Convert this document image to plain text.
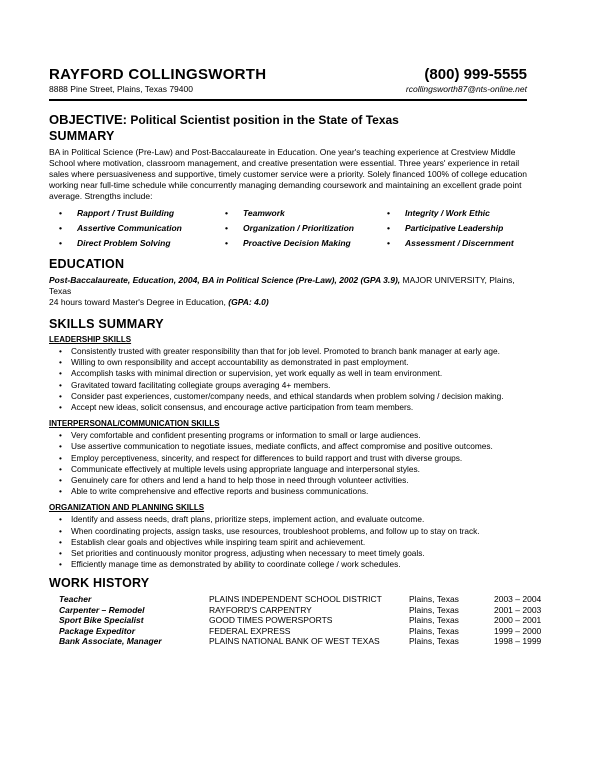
RAYFORD COLLINGSWORTH	(800) 999-5555
8888 Pine Street, Plains, Texas 79400	rcollingsworth87@nts-online.net
OBJECTIVE: Political Scientist position in the State of Texas
SUMMARY
BA in Political Science (Pre-Law) and Post-Baccalaureate in Education. One year's teaching experience at Crestview Middle School where motivation, classroom management, and creative presentation were essential. Three years' experience in retail sales where persuasiveness and supportive, timely customer service were a priority. Solely financed 100% of college education working near full-time schedule while concurrently managing demanding coursework and maintaining an excellent grade point average. Strengths include:
•	Rapport / Trust Building	•	Teamwork	•	Integrity / Work Ethic
•	Assertive Communication	•	Organization / Prioritization	•	Participative Leadership
•	Direct Problem Solving	•	Proactive Decision Making	•	Assessment / Discernment
EDUCATION
Post-Baccalaureate, Education, 2004, BA in Political Science (Pre-Law), 2002 (GPA 3.9), MAJOR UNIVERSITY, Plains, Texas
24 hours toward Master's Degree in Education, (GPA: 4.0)
SKILLS SUMMARY
LEADERSHIP SKILLS
• Consistently trusted with greater responsibility than that for job level. Promoted to branch bank manager at early age.
• Willing to own responsibility and accept accountability as demonstrated in past employment.
• Accomplish tasks with minimal direction or supervision, yet work equally as well in team environment.
• Gravitated toward facilitating collegiate groups averaging 4+ members.
• Consider past experiences, customer/company needs, and ethical standards when problem solving / decision making.
• Accept new ideas, solicit consensus, and encourage active participation from team members.
INTERPERSONAL/COMMUNICATION SKILLS
• Very comfortable and confident presenting programs or information to small or large audiences.
• Use assertive communication to negotiate issues, mediate conflicts, and affect compromise and positive outcomes.
• Employ perceptiveness, sincerity, and respect for differences to build rapport and trust with diverse groups.
• Communicate effectively at multiple levels using appropriate language and interpersonal styles.
• Genuinely care for others and lend a hand to help those in need through volunteer activities.
• Able to write comprehensive and effective reports and business communications.
ORGANIZATION AND PLANNING SKILLS
• Identify and assess needs, draft plans, prioritize steps, implement action, and evaluate outcome.
• When coordinating projects, assign tasks, use resources, troubleshoot problems, and follow up to stay on track.
• Establish clear goals and objectives while inspiring team spirit and achievement.
• Set priorities and continuously monitor progress, adjusting when necessary to meet timely goals.
• Efficiently manage time as demonstrated by ability to coordinate college / work schedules.
WORK HISTORY
Teacher	PLAINS INDEPENDENT SCHOOL DISTRICT	Plains, Texas	2003 – 2004
Carpenter – Remodel	RAYFORD'S CARPENTRY	Plains, Texas	2001 – 2003
Sport Bike Specialist	GOOD TIMES POWERSPORTS	Plains, Texas	2000 – 2001
Package Expeditor	FEDERAL EXPRESS	Plains, Texas	1999 – 2000
Bank Associate, Manager	PLAINS NATIONAL BANK OF WEST TEXAS	Plains, Texas	1998 – 1999
